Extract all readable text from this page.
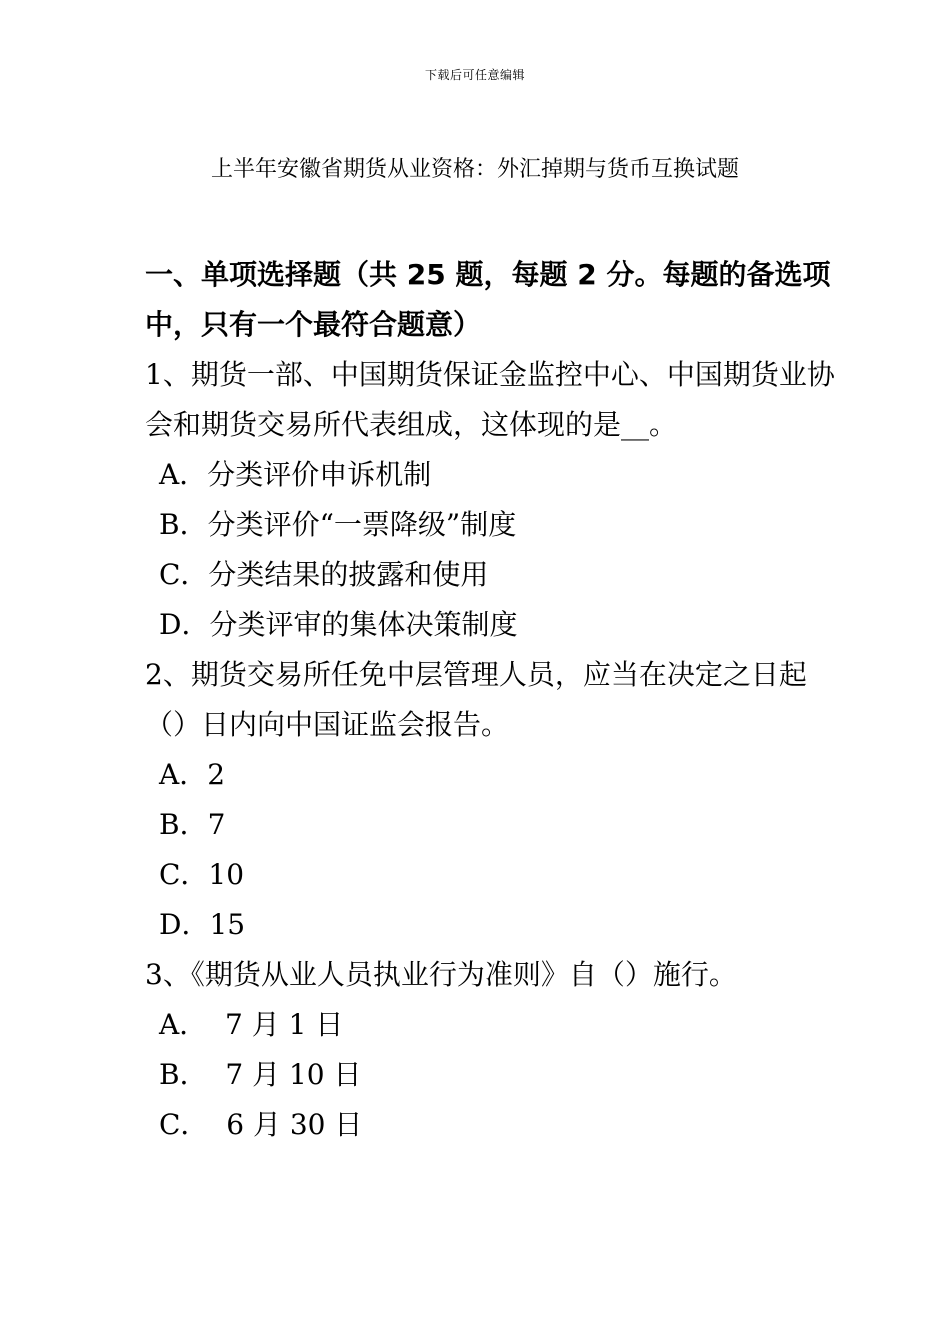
下载后可任意编辑
上半年安徽省期货从业资格：外汇掉期与货币互换试题

一、单项选择题（共 25 题，每题 2 分。每题的备选项中，只有一个最符合题意）

1、期货一部、中国期货保证金监控中心、中国期货业协会和期货交易所代表组成，这体现的是__。

A．分类评价申诉机制

B．分类评价“一票降级”制度

C．分类结果的披露和使用

D．分类评审的集体决策制度

2、期货交易所任免中层管理人员，应当在决定之日起（）日内向中国证监会报告。

A．2

B．7

C．10

D．15

3、《期货从业人员执业行为准则》自（）施行。

A．  7 月 1 日

B．  7 月 10 日

C．  6 月 30 日
